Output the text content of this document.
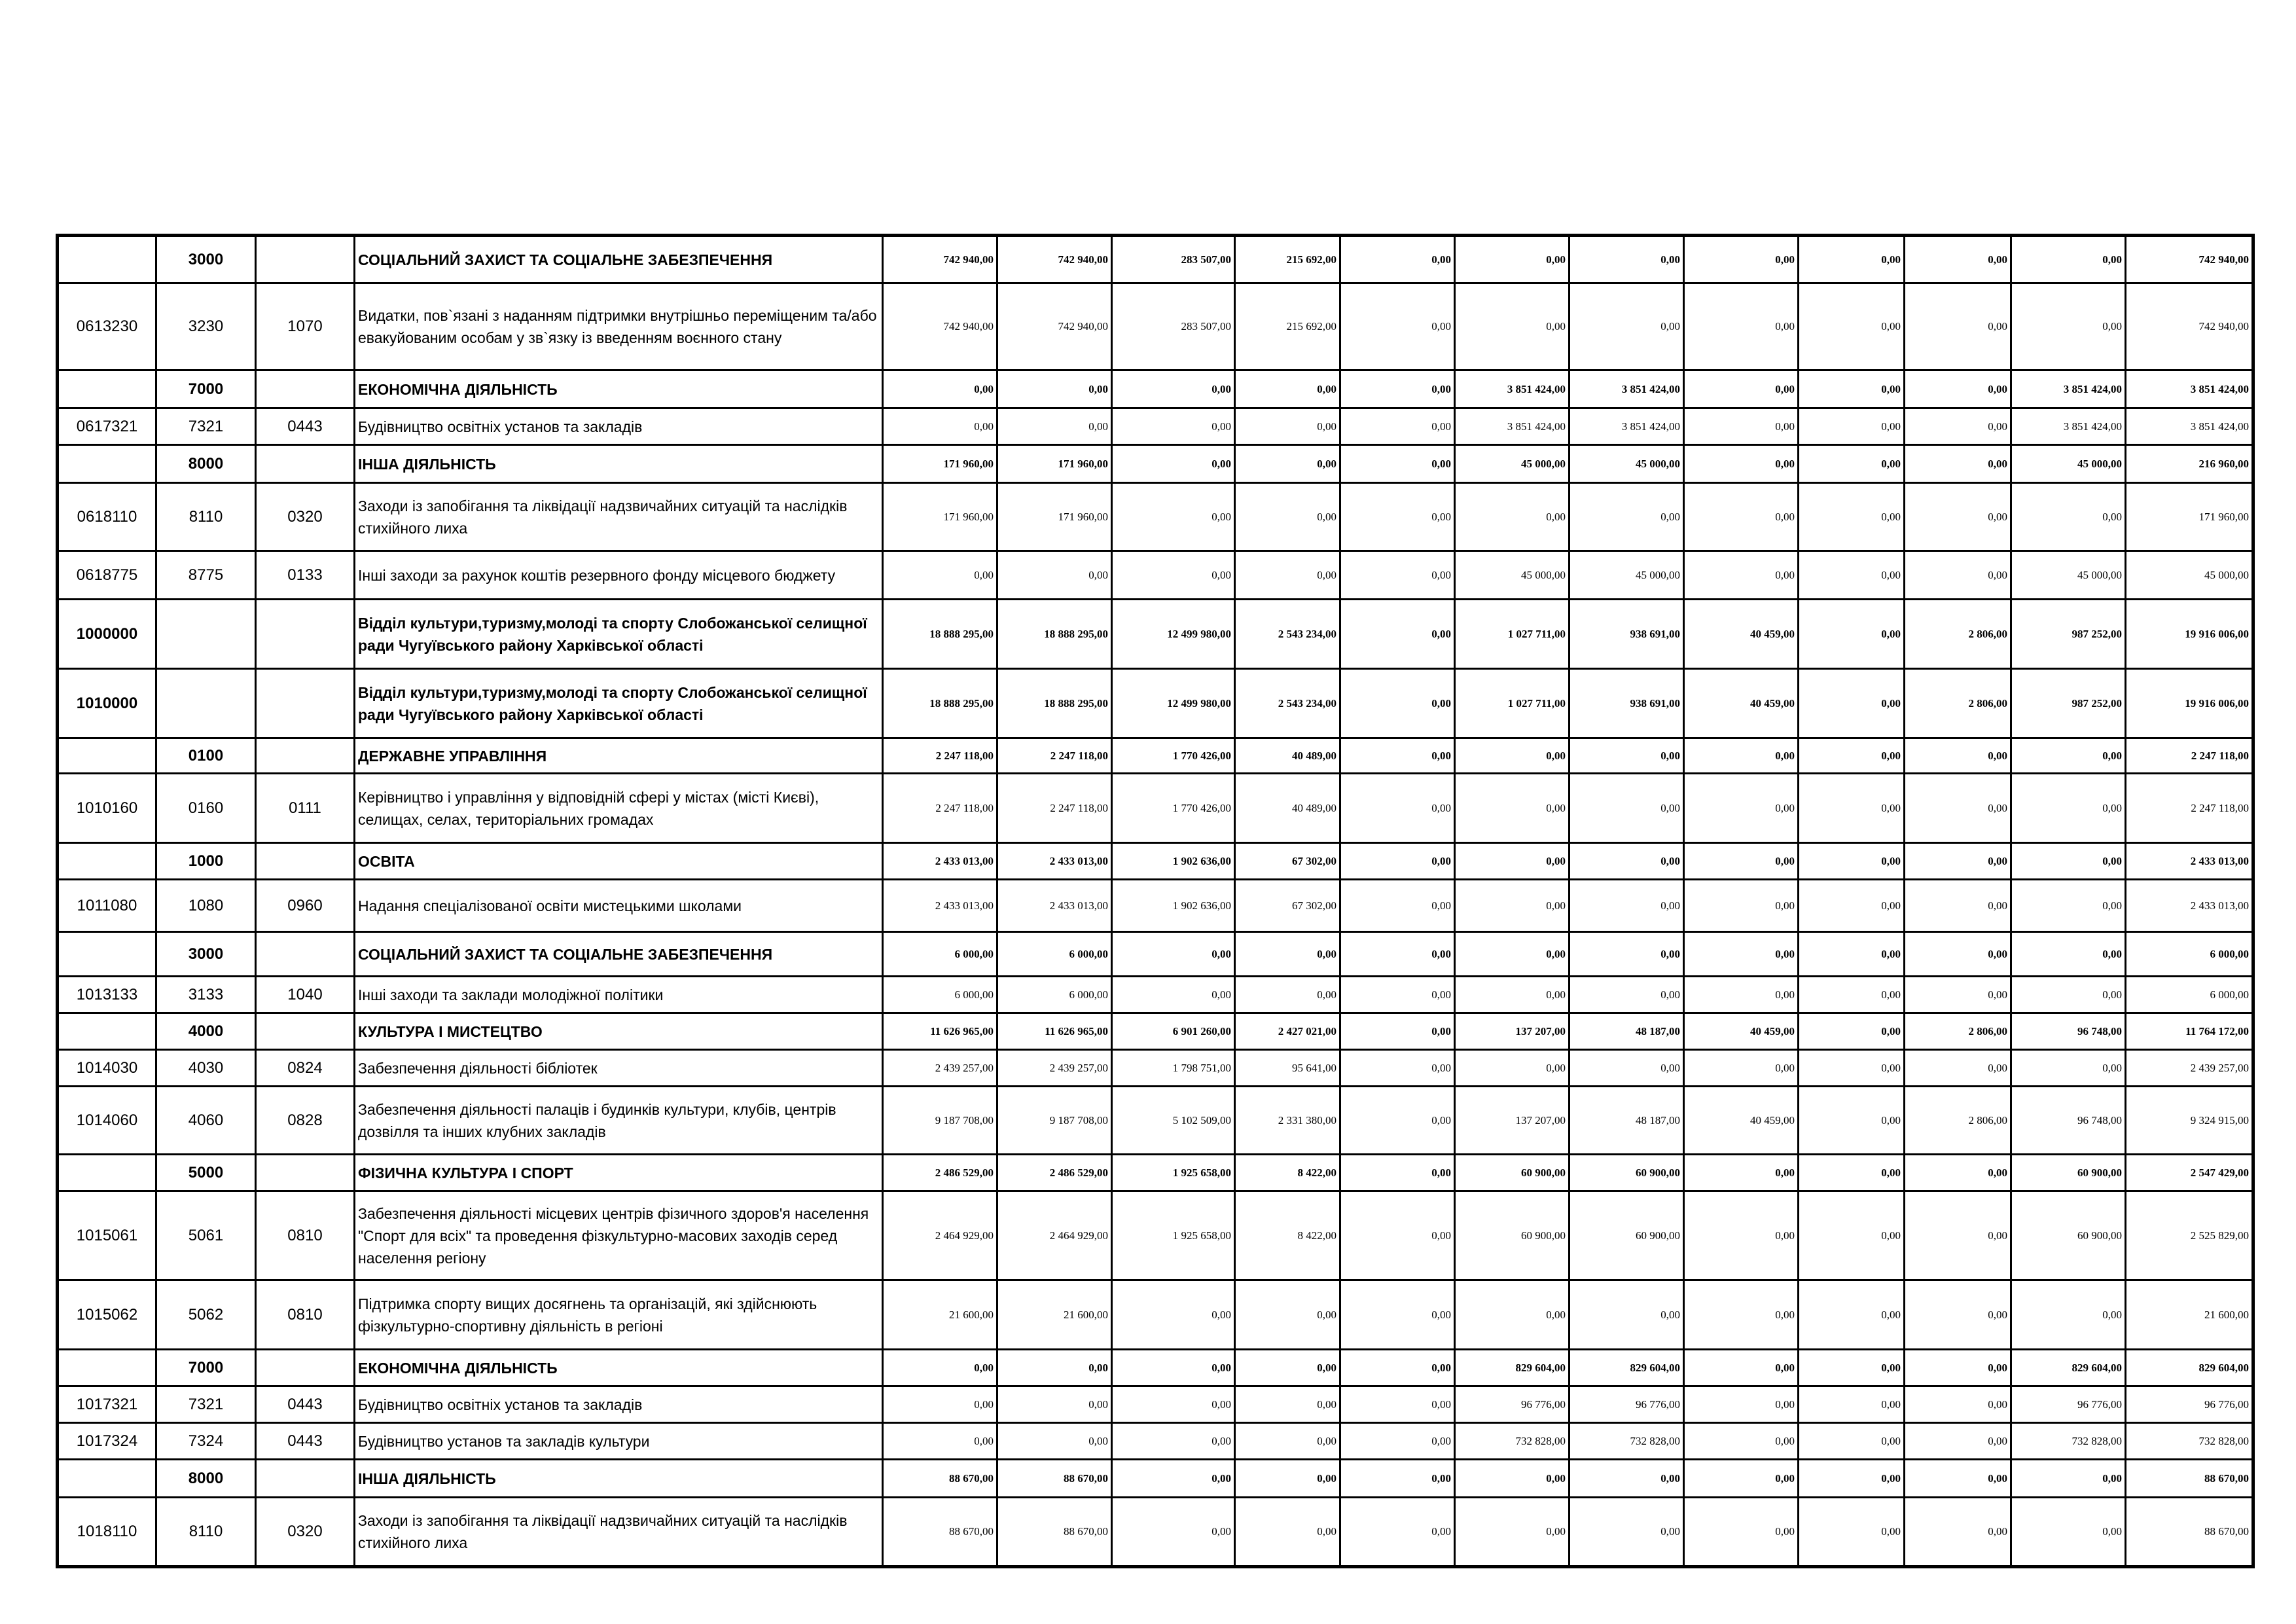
	3000		СОЦІАЛЬНИЙ ЗАХИСТ ТА СОЦІАЛЬНЕ ЗАБЕЗПЕЧЕННЯ	742 940,00	742 940,00	283 507,00	215 692,00	0,00	0,00	0,00	0,00	0,00	0,00	0,00	742 940,00
0613230	3230	1070	Видатки, пов`язані з наданням підтримки внутрішньо переміщеним та/або евакуйованим особам у зв`язку із введенням воєнного стану	742 940,00	742 940,00	283 507,00	215 692,00	0,00	0,00	0,00	0,00	0,00	0,00	0,00	742 940,00
	7000		ЕКОНОМІЧНА ДІЯЛЬНІСТЬ	0,00	0,00	0,00	0,00	0,00	3 851 424,00	3 851 424,00	0,00	0,00	0,00	3 851 424,00	3 851 424,00
0617321	7321	0443	Будівництво освітніх установ та закладів	0,00	0,00	0,00	0,00	0,00	3 851 424,00	3 851 424,00	0,00	0,00	0,00	3 851 424,00	3 851 424,00
	8000		ІНША ДІЯЛЬНІСТЬ	171 960,00	171 960,00	0,00	0,00	0,00	45 000,00	45 000,00	0,00	0,00	0,00	45 000,00	216 960,00
0618110	8110	0320	Заходи із запобігання та ліквідації надзвичайних ситуацій та наслідків стихійного лиха	171 960,00	171 960,00	0,00	0,00	0,00	0,00	0,00	0,00	0,00	0,00	0,00	171 960,00
0618775	8775	0133	Інші заходи за рахунок коштів резервного фонду місцевого бюджету	0,00	0,00	0,00	0,00	0,00	45 000,00	45 000,00	0,00	0,00	0,00	45 000,00	45 000,00
1000000			Відділ культури,туризму,молоді та спорту Слобожанської селищної ради Чугуївського району Харківської області	18 888 295,00	18 888 295,00	12 499 980,00	2 543 234,00	0,00	1 027 711,00	938 691,00	40 459,00	0,00	2 806,00	987 252,00	19 916 006,00
1010000			Відділ культури,туризму,молоді та спорту Слобожанської селищної ради Чугуївського району Харківської області	18 888 295,00	18 888 295,00	12 499 980,00	2 543 234,00	0,00	1 027 711,00	938 691,00	40 459,00	0,00	2 806,00	987 252,00	19 916 006,00
	0100		ДЕРЖАВНЕ УПРАВЛІННЯ	2 247 118,00	2 247 118,00	1 770 426,00	40 489,00	0,00	0,00	0,00	0,00	0,00	0,00	0,00	2 247 118,00
1010160	0160	0111	Керівництво і управління у відповідній сфері у містах (місті Києві), селищах, селах, територіальних громадах	2 247 118,00	2 247 118,00	1 770 426,00	40 489,00	0,00	0,00	0,00	0,00	0,00	0,00	0,00	2 247 118,00
	1000		ОСВІТА	2 433 013,00	2 433 013,00	1 902 636,00	67 302,00	0,00	0,00	0,00	0,00	0,00	0,00	0,00	2 433 013,00
1011080	1080	0960	Надання спеціалізованої освіти мистецькими школами	2 433 013,00	2 433 013,00	1 902 636,00	67 302,00	0,00	0,00	0,00	0,00	0,00	0,00	0,00	2 433 013,00
	3000		СОЦІАЛЬНИЙ ЗАХИСТ ТА СОЦІАЛЬНЕ ЗАБЕЗПЕЧЕННЯ	6 000,00	6 000,00	0,00	0,00	0,00	0,00	0,00	0,00	0,00	0,00	0,00	6 000,00
1013133	3133	1040	Інші заходи та заклади молодіжної політики	6 000,00	6 000,00	0,00	0,00	0,00	0,00	0,00	0,00	0,00	0,00	0,00	6 000,00
	4000		КУЛЬТУРА І МИСТЕЦТВО	11 626 965,00	11 626 965,00	6 901 260,00	2 427 021,00	0,00	137 207,00	48 187,00	40 459,00	0,00	2 806,00	96 748,00	11 764 172,00
1014030	4030	0824	Забезпечення діяльності бібліотек	2 439 257,00	2 439 257,00	1 798 751,00	95 641,00	0,00	0,00	0,00	0,00	0,00	0,00	0,00	2 439 257,00
1014060	4060	0828	Забезпечення діяльності палаців i будинків культури, клубів, центрів дозвілля та iнших клубних закладів	9 187 708,00	9 187 708,00	5 102 509,00	2 331 380,00	0,00	137 207,00	48 187,00	40 459,00	0,00	2 806,00	96 748,00	9 324 915,00
	5000		ФІЗИЧНА КУЛЬТУРА І СПОРТ	2 486 529,00	2 486 529,00	1 925 658,00	8 422,00	0,00	60 900,00	60 900,00	0,00	0,00	0,00	60 900,00	2 547 429,00
1015061	5061	0810	Забезпечення діяльності місцевих центрів фізичного здоров'я населення "Спорт для всіх" та проведення фізкультурно-масових заходів серед населення регіону	2 464 929,00	2 464 929,00	1 925 658,00	8 422,00	0,00	60 900,00	60 900,00	0,00	0,00	0,00	60 900,00	2 525 829,00
1015062	5062	0810	Підтримка спорту вищих досягнень та організацій, які здійснюють фізкультурно-спортивну діяльність в регіоні	21 600,00	21 600,00	0,00	0,00	0,00	0,00	0,00	0,00	0,00	0,00	0,00	21 600,00
	7000		ЕКОНОМІЧНА ДІЯЛЬНІСТЬ	0,00	0,00	0,00	0,00	0,00	829 604,00	829 604,00	0,00	0,00	0,00	829 604,00	829 604,00
1017321	7321	0443	Будівництво освітніх установ та закладів	0,00	0,00	0,00	0,00	0,00	96 776,00	96 776,00	0,00	0,00	0,00	96 776,00	96 776,00
1017324	7324	0443	Будівництво установ та закладів культури	0,00	0,00	0,00	0,00	0,00	732 828,00	732 828,00	0,00	0,00	0,00	732 828,00	732 828,00
	8000		ІНША ДІЯЛЬНІСТЬ	88 670,00	88 670,00	0,00	0,00	0,00	0,00	0,00	0,00	0,00	0,00	0,00	88 670,00
1018110	8110	0320	Заходи із запобігання та ліквідації надзвичайних ситуацій та наслідків стихійного лиха	88 670,00	88 670,00	0,00	0,00	0,00	0,00	0,00	0,00	0,00	0,00	0,00	88 670,00
